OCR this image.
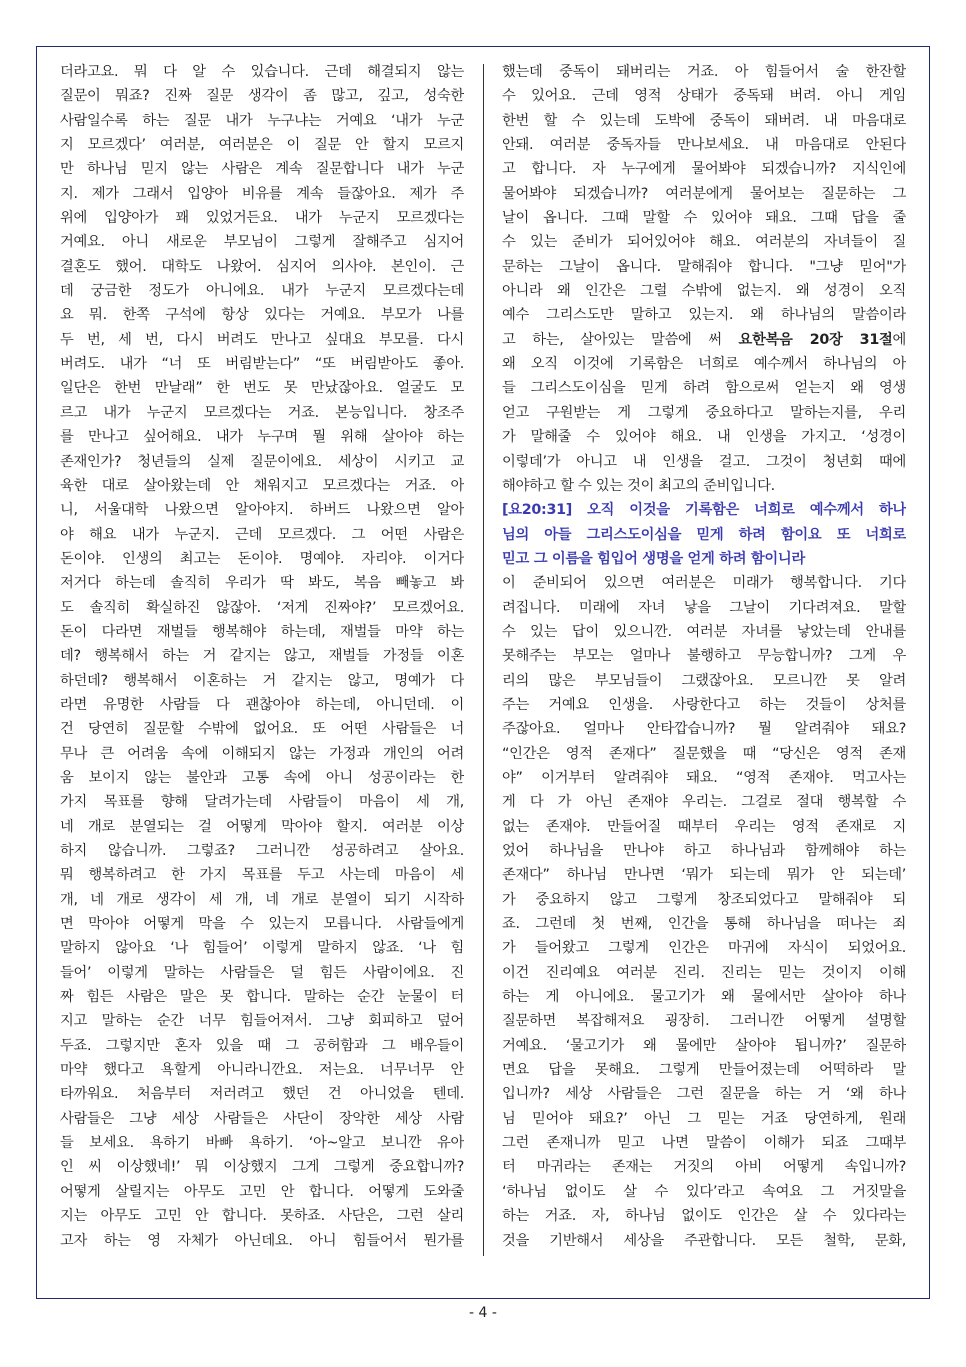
더라고요. 뭐 다 알 수 있습니다. 근데 해결되지 않는
질문이 뭐죠? 진짜 질문 생각이 좀 많고, 깊고, 성숙한
사람일수록 하는 질문 내가 누구냐는 거예요 ‘내가 누군
지 모르겠다’ 여러분, 여러분은 이 질문 안 할지 모르지
만 하나님 믿지 않는 사람은 계속 질문합니다 내가 누군
지. 제가 그래서 입양아 비유를 계속 들잖아요. 제가 주
위에 입양아가 꽤 있었거든요. 내가 누군지 모르겠다는
거예요. 아니 새로운 부모님이 그렇게 잘해주고 심지어
결혼도 했어. 대학도 나왔어. 심지어 의사야. 본인이. 근
데 궁금한 정도가 아니에요. 내가 누군지 모르겠다는데
요 뭐. 한쪽 구석에 항상 있다는 거예요. 부모가 나를
두 번, 세 번, 다시 버려도 만나고 싶대요 부모를. 다시
버려도. 내가 “너 또 버림받는다” “또 버림받아도 좋아.
일단은 한번 만날래” 한 번도 못 만났잖아요. 얼굴도 모
르고 내가 누군지 모르겠다는 거죠. 본능입니다. 창조주
를 만나고 싶어해요. 내가 누구며 뭘 위해 살아야 하는
존재인가? 청년들의 실제 질문이에요. 세상이 시키고 교
육한 대로 살아왔는데 안 채워지고 모르겠다는 거죠. 아
니, 서울대학 나왔으면 알아야지. 하버드 나왔으면 알아
야 해요 내가 누군지. 근데 모르겠다. 그 어떤 사람은
돈이야. 인생의 최고는 돈이야. 명예야. 자리야. 이거다
저거다 하는데 솔직히 우리가 딱 봐도, 복음 빼놓고 봐
도 솔직히 확실하진 않잖아. ‘저게 진짜야?’ 모르겠어요.
돈이 다라면 재벌들 행복해야 하는데, 재벌들 마약 하는
데? 행복해서 하는 거 같지는 않고, 재벌들 가정들 이혼
하던데? 행복해서 이혼하는 거 같지는 않고, 명예가 다
라면 유명한 사람들 다 괜찮아야 하는데, 아니던데. 이
건 당연히 질문할 수밖에 없어요. 또 어떤 사람들은 너
무나 큰 어려움 속에 이해되지 않는 가정과 개인의 어려
움 보이지 않는 불안과 고통 속에 아니 성공이라는 한
가지 목표를 향해 달려가는데 사람들이 마음이 세 개,
네 개로 분열되는 걸 어떻게 막아야 할지. 여러분 이상
하지 않습니까. 그렇죠? 그러니깐 성공하려고 살아요.
뭐 행복하려고 한 가지 목표를 두고 사는데 마음이 세
개, 네 개로 생각이 세 개, 네 개로 분열이 되기 시작하
면 막아야 어떻게 막을 수 있는지 모릅니다. 사람들에게
말하지 않아요 ‘나 힘들어’ 이렇게 말하지 않죠. ‘나 힘
들어’ 이렇게 말하는 사람들은 덜 힘든 사람이에요. 진
짜 힘든 사람은 말은 못 합니다. 말하는 순간 눈물이 터
지고 말하는 순간 너무 힘들어져서. 그냥 회피하고 덮어
두죠. 그렇지만 혼자 있을 때 그 공허함과 그 배우들이
마약 했다고 욕할게 아니라니깐요. 저는요. 너무너무 안
타까워요. 처음부터 저러려고 했던 건 아니었을 텐데.
사람들은 그냥 세상 사람들은 사단이 장악한 세상 사람
들 보세요. 욕하기 바빠 욕하기. ‘아~알고 보니깐 유아
인 씨 이상했네!’ 뭐 이상했지 그게 그렇게 중요합니까?
어떻게 살릴지는 아무도 고민 안 합니다. 어떻게 도와줄
지는 아무도 고민 안 합니다. 못하죠. 사단은, 그런 살리
고자 하는 영 자체가 아닌데요. 아니 힘들어서 뭔가를
했는데 중독이 돼버리는 거죠. 아 힘들어서 술 한잔할
수 있어요. 근데 영적 상태가 중독돼 버려. 아니 게임
한번 할 수 있는데 도박에 중독이 돼버려. 내 마음대로
안돼. 여러분 중독자들 만나보세요. 내 마음대로 안된다
고 합니다. 자 누구에게 물어봐야 되겠습니까? 지식인에
물어봐야 되겠습니까? 여러분에게 물어보는 질문하는 그
날이 옵니다. 그때 말할 수 있어야 돼요. 그때 답을 줄
수 있는 준비가 되어있어야 해요. 여러분의 자녀들이 질
문하는 그날이 옵니다. 말해줘야 합니다. "그냥 믿어"가
아니라 왜 인간은 그럴 수밖에 없는지. 왜 성경이 오직
예수 그리스도만 말하고 있는지. 왜 하나님의 말씀이라
고 하는, 살아있는 말씀에 써 요한복음 20장 31절에
왜 오직 이것에 기록함은 너희로 예수께서 하나님의 아
들 그리스도이심을 믿게 하려 함으로써 얻는지 왜 영생
얻고 구원받는 게 그렇게 중요하다고 말하는지를, 우리
가 말해줄 수 있어야 해요. 내 인생을 가지고. ‘성경이
이렇데’가 아니고 내 인생을 걸고. 그것이 청년회 때에
해야하고 할 수 있는 것이 최고의 준비입니다.
[요20:31] 오직 이것을 기록함은 너희로 예수께서 하나
님의 아들 그리스도이심을 믿게 하려 함이요 또 너희로
믿고 그 이름을 힘입어 생명을 얻게 하려 함이니라
이 준비되어 있으면 여러분은 미래가 행복합니다. 기다
려집니다. 미래에 자녀 낳을 그날이 기다려져요. 말할
수 있는 답이 있으니깐. 여러분 자녀를 낳았는데 안내를
못해주는 부모는 얼마나 불행하고 무능합니까? 그게 우
리의 많은 부모님들이 그랬잖아요. 모르니깐 못 알려
주는 거예요 인생을. 사랑한다고 하는 것들이 상처를
주잖아요. 얼마나 안타깝습니까? 뭘 알려줘야 돼요?
“인간은 영적 존재다” 질문했을 때 “당신은 영적 존재
야” 이거부터 알려줘야 돼요. “영적 존재야. 먹고사는
게 다 가 아닌 존재야 우리는. 그걸로 절대 행복할 수
없는 존재야. 만들어질 때부터 우리는 영적 존재로 지
었어 하나님을 만나야 하고 하나님과 함께해야 하는
존재다” 하나님 만나면 ‘뭐가 되는데 뭐가 안 되는데’
가 중요하지 않고 그렇게 창조되었다고 말해줘야 되
죠. 그런데 첫 번째, 인간을 통해 하나님을 떠나는 죄
가 들어왔고 그렇게 인간은 마귀에 자식이 되었어요.
이건 진리예요 여러분 진리. 진리는 믿는 것이지 이해
하는 게 아니에요. 물고기가 왜 물에서만 살아야 하나
질문하면 복잡해져요 굉장히. 그러니깐 어떻게 설명할
거예요. ‘물고기가 왜 물에만 살아야 됩니까?’ 질문하
면요 답을 못해요. 그렇게 만들어졌는데 어떡하라 말
입니까? 세상 사람들은 그런 질문을 하는 거 ‘왜 하나
님 믿어야 돼요?’ 아닌 그 믿는 거죠 당연하게, 원래
그런 존재니까 믿고 나면 말씀이 이해가 되죠 그때부
터 마귀라는 존재는 거짓의 아비 어떻게 속입니까?
‘하나님 없이도 살 수 있다’라고 속여요 그 거짓말을
하는 거죠. 자, 하나님 없이도 인간은 살 수 있다라는
것을 기반해서 세상을 주관합니다. 모든 철학, 문화,
- 4 -
